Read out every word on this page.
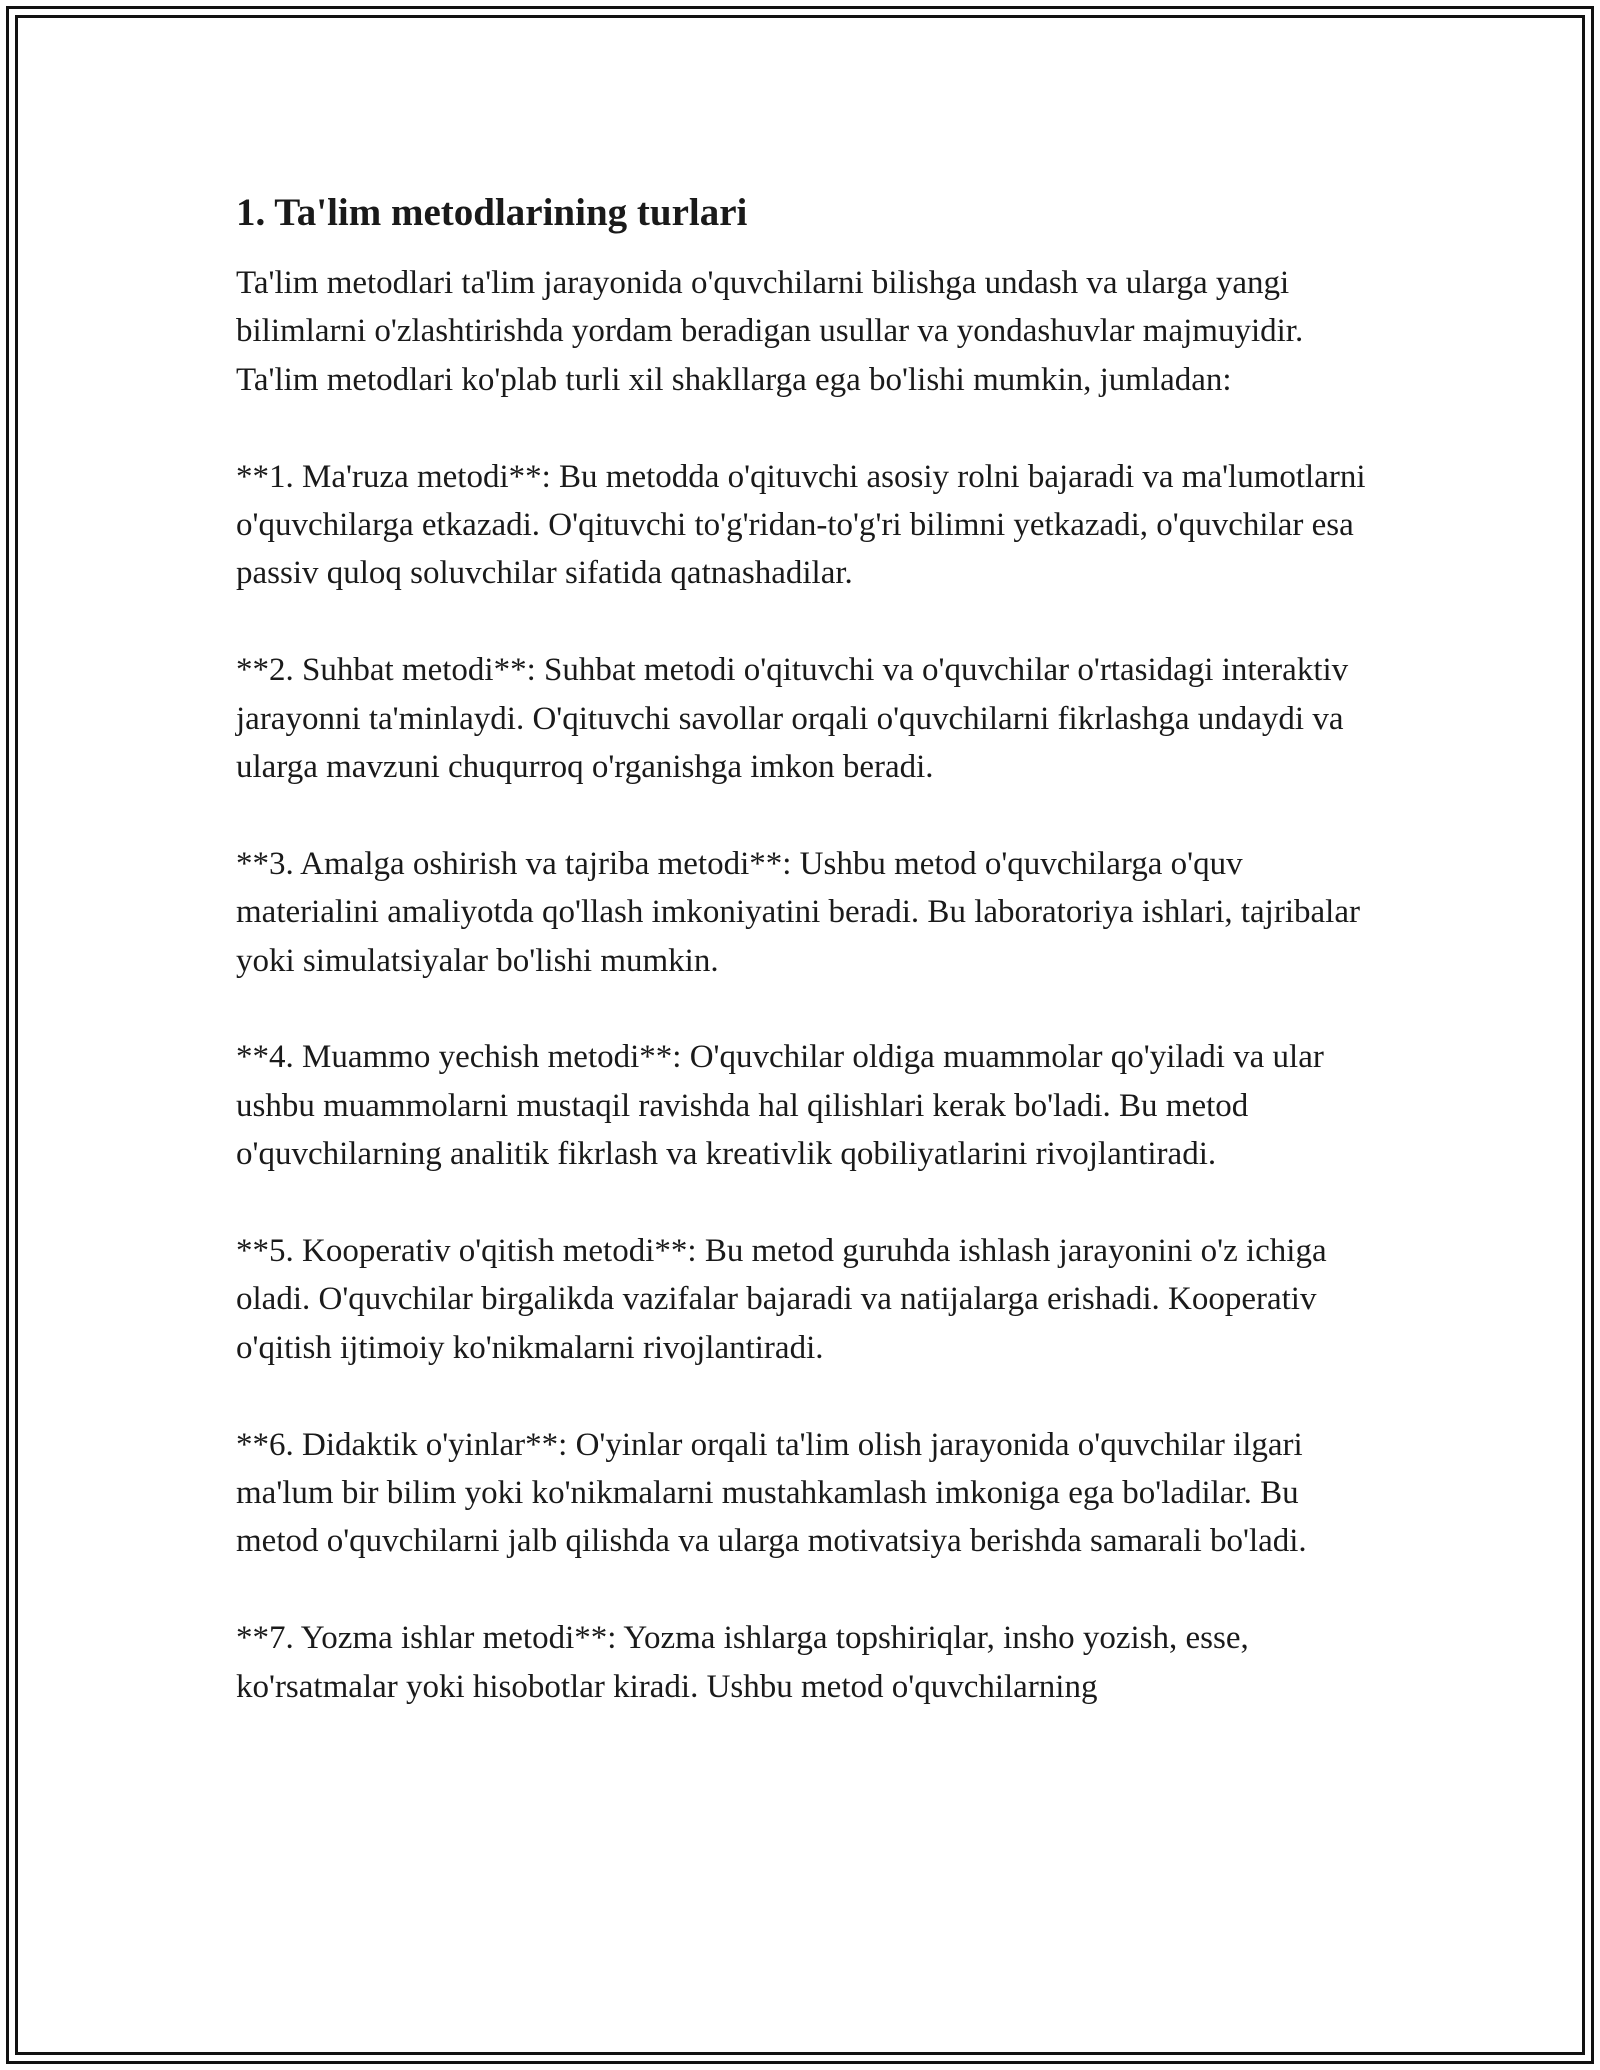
1. Ta'lim metodlarining turlari

Ta'lim metodlari ta'lim jarayonida o'quvchilarni bilishga undash va ularga yangi bilimlarni o'zlashtirishda yordam beradigan usullar va yondashuvlar majmuyidir. Ta'lim metodlari ko'plab turli xil shakllarga ega bo'lishi mumkin, jumladan:

**1. Ma'ruza metodi**: Bu metodda o'qituvchi asosiy rolni bajaradi va ma'lumotlarni o'quvchilarga etkazadi. O'qituvchi to'g'ridan-to'g'ri bilimni yetkazadi, o'quvchilar esa passiv quloq soluvchilar sifatida qatnashadilar.

**2. Suhbat metodi**: Suhbat metodi o'qituvchi va o'quvchilar o'rtasidagi interaktiv jarayonni ta'minlaydi. O'qituvchi savollar orqali o'quvchilarni fikrlashga undaydi va ularga mavzuni chuqurroq o'rganishga imkon beradi.

**3. Amalga oshirish va tajriba metodi**: Ushbu metod o'quvchilarga o'quv materialini amaliyotda qo'llash imkoniyatini beradi. Bu laboratoriya ishlari, tajribalar yoki simulatsiyalar bo'lishi mumkin.

**4. Muammo yechish metodi**: O'quvchilar oldiga muammolar qo'yiladi va ular ushbu muammolarni mustaqil ravishda hal qilishlari kerak bo'ladi. Bu metod o'quvchilarning analitik fikrlash va kreativlik qobiliyatlarini rivojlantiradi.

**5. Kooperativ o'qitish metodi**: Bu metod guruhda ishlash jarayonini o'z ichiga oladi. O'quvchilar birgalikda vazifalar bajaradi va natijalarga erishadi. Kooperativ o'qitish ijtimoiy ko'nikmalarni rivojlantiradi.

**6. Didaktik o'yinlar**: O'yinlar orqali ta'lim olish jarayonida o'quvchilar ilgari ma'lum bir bilim yoki ko'nikmalarni mustahkamlash imkoniga ega bo'ladilar. Bu metod o'quvchilarni jalb qilishda va ularga motivatsiya berishda samarali bo'ladi.

**7. Yozma ishlar metodi**: Yozma ishlarga topshiriqlar, insho yozish, esse, ko'rsatmalar yoki hisobotlar kiradi. Ushbu metod o'quvchilarning
